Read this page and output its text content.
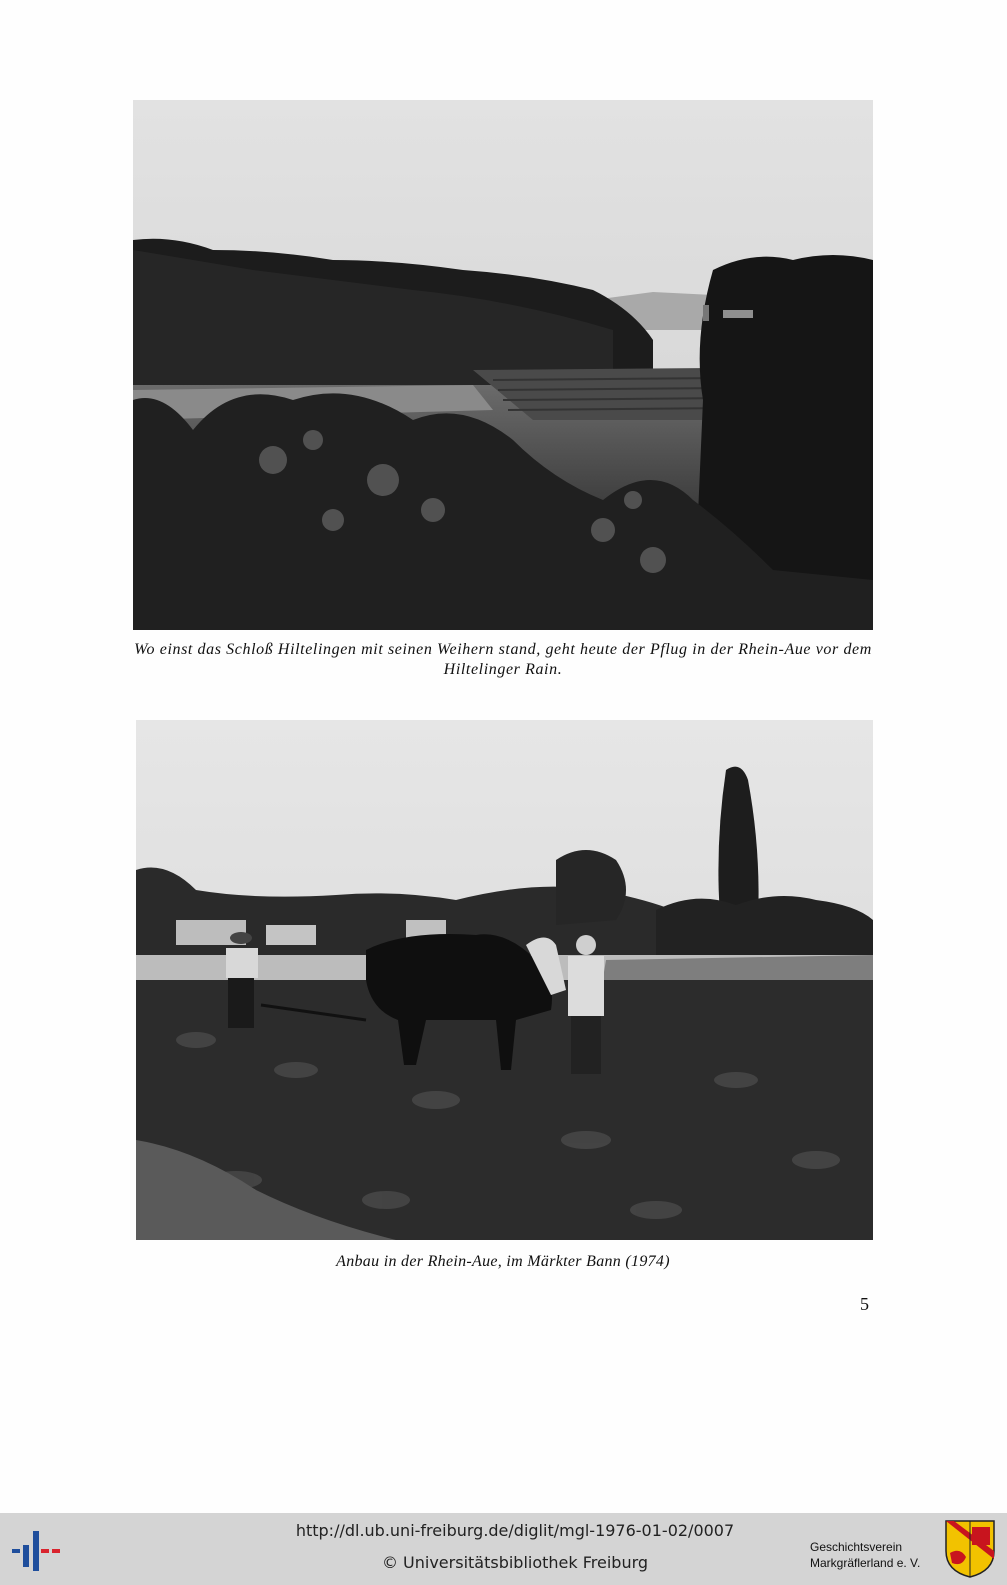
Wo einst das Schloß Hiltelingen mit seinen Weihern stand, geht heute der Pflug in der Rhein-Aue vor dem Hiltelinger Rain.
Anbau in der Rhein-Aue, im Märkter Bann (1974)
5
http://dl.ub.uni-freiburg.de/diglit/mgl-1976-01-02/0007
© Universitätsbibliothek Freiburg
Geschichtsverein
Markgräflerland e. V.
